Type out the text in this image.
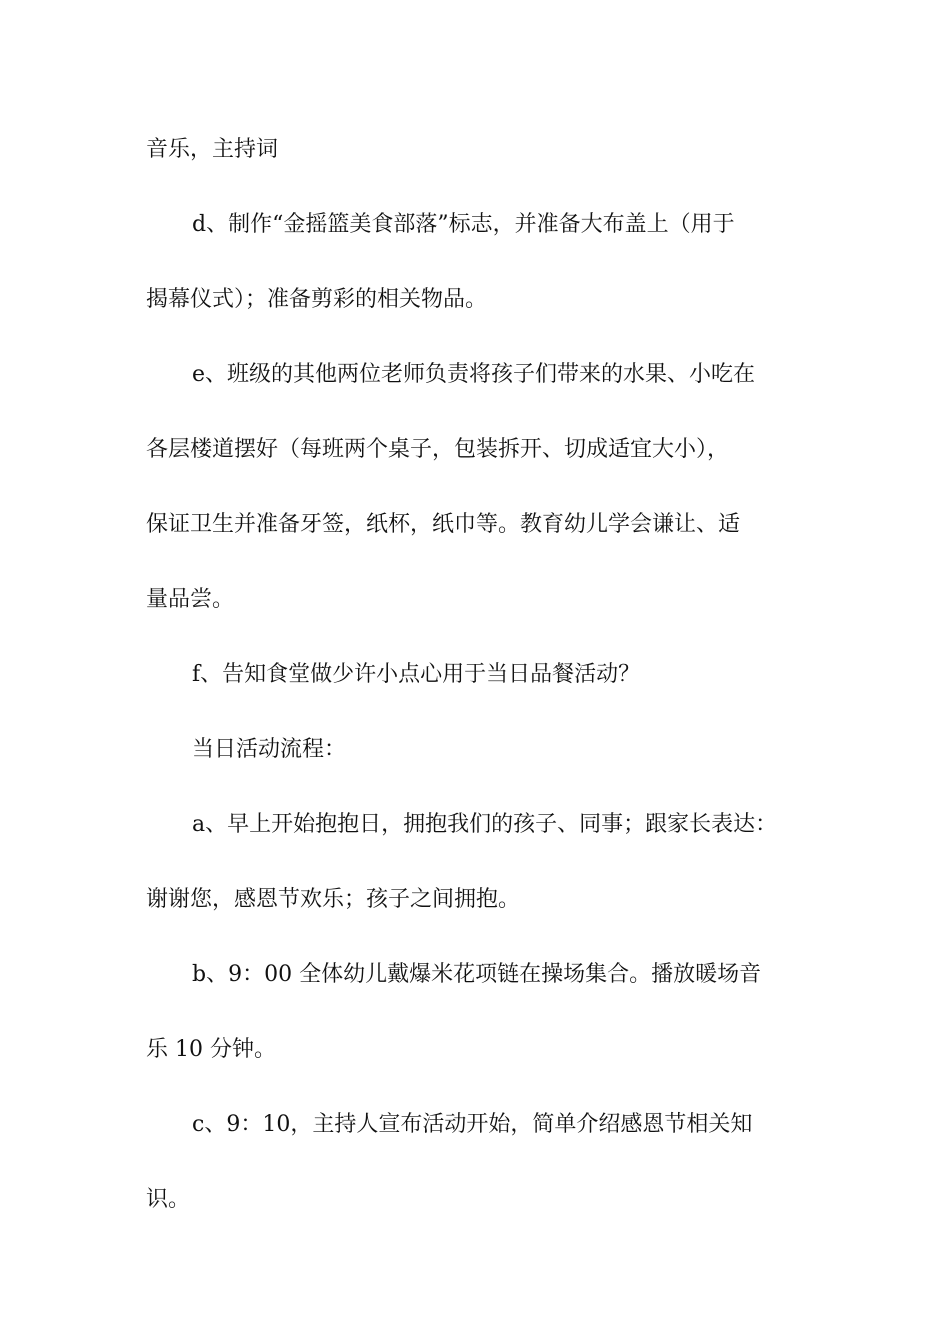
音乐，主持词
d、制作“金摇篮美食部落”标志，并准备大布盖上（用于
揭幕仪式）；准备剪彩的相关物品。
e、班级的其他两位老师负责将孩子们带来的水果、小吃在
各层楼道摆好（每班两个桌子，包装拆开、切成适宜大小），
保证卫生并准备牙签，纸杯，纸巾等。教育幼儿学会谦让、适
量品尝。
f、告知食堂做少许小点心用于当日品餐活动？
当日活动流程：
a、早上开始抱抱日，拥抱我们的孩子、同事；跟家长表达：
谢谢您，感恩节欢乐；孩子之间拥抱。
b、9：00 全体幼儿戴爆米花项链在操场集合。播放暖场音
乐 10 分钟。
c、9：10，主持人宣布活动开始，简单介绍感恩节相关知
识。
